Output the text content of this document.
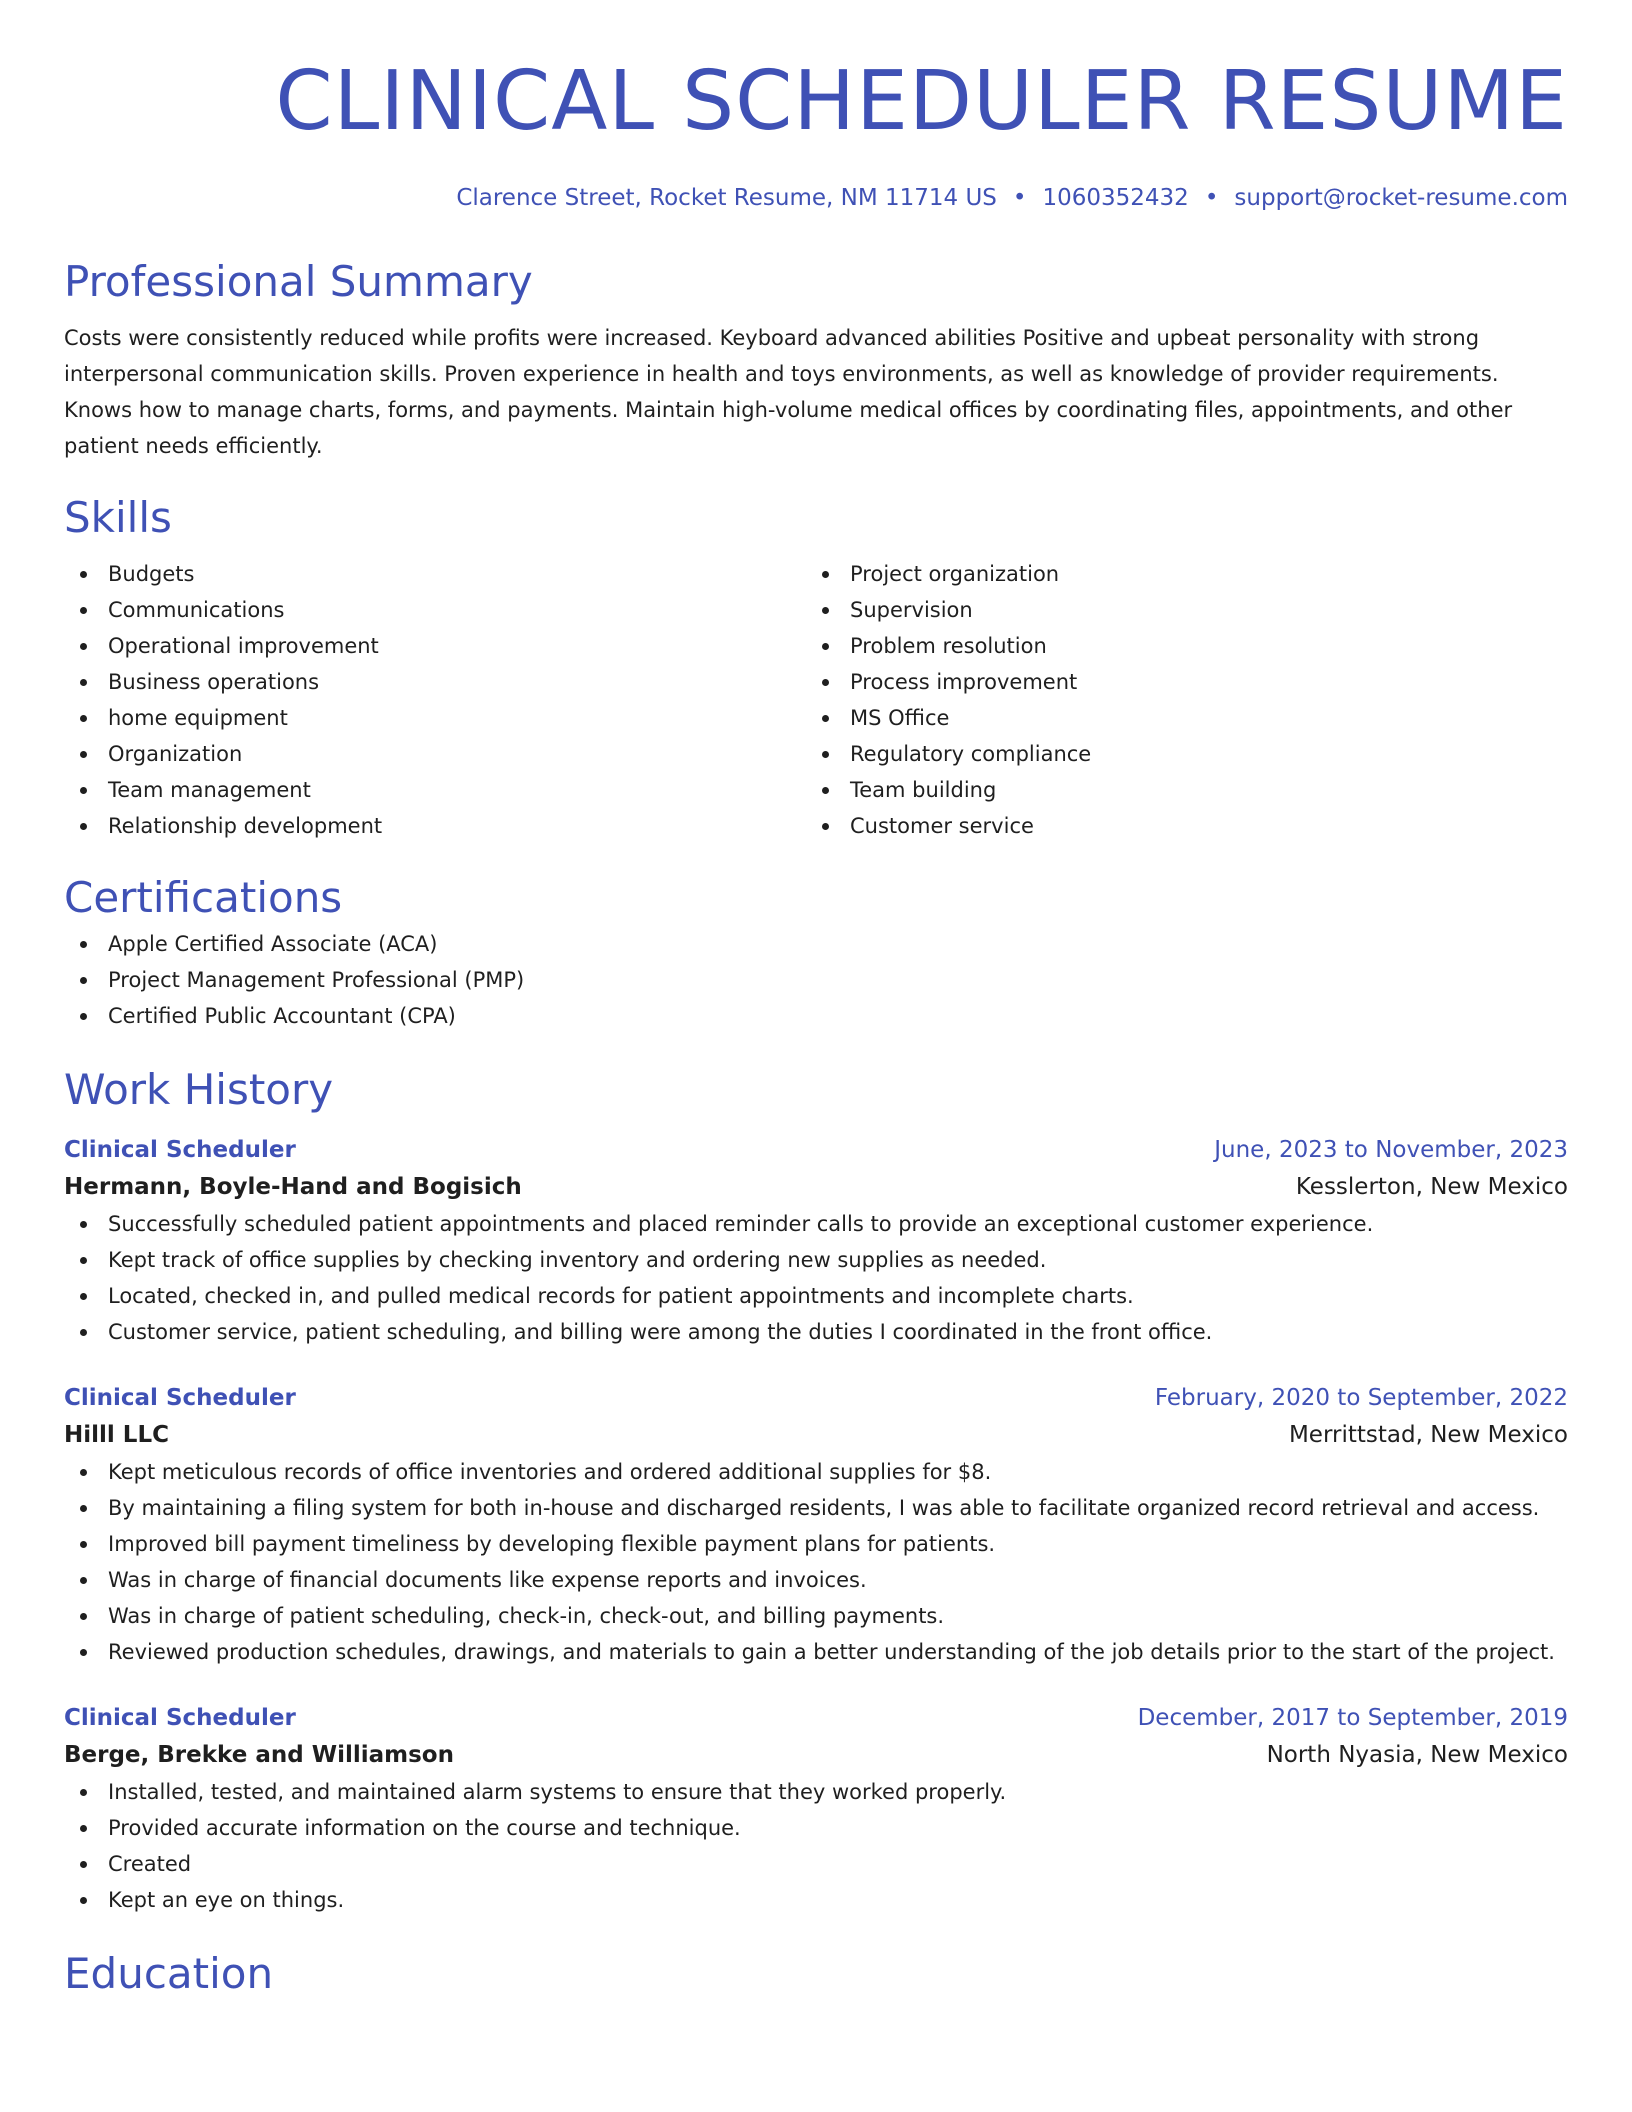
CLINICAL SCHEDULER RESUME
Clarence Street, Rocket Resume, NM 11714 US • 1060352432 • support@rocket-resume.com
Professional Summary

Costs were consistently reduced while profits were increased. Keyboard advanced abilities Positive and upbeat personality with strong interpersonal communication skills. Proven experience in health and toys environments, as well as knowledge of provider requirements. Knows how to manage charts, forms, and payments. Maintain high-volume medical offices by coordinating files, appointments, and other patient needs efficiently.

Skills
Budgets
Communications
Operational improvement
Business operations
home equipment
Organization
Team management
Relationship development
Project organization
Supervision
Problem resolution
Process improvement
MS Office
Regulatory compliance
Team building
Customer service
Certifications
Apple Certified Associate (ACA)
Project Management Professional (PMP)
Certified Public Accountant (CPA)
Work History
Clinical Scheduler	June, 2023 to November, 2023
Hermann, Boyle-Hand and Bogisich	Kesslerton, New Mexico
Successfully scheduled patient appointments and placed reminder calls to provide an exceptional customer experience.
Kept track of office supplies by checking inventory and ordering new supplies as needed.
Located, checked in, and pulled medical records for patient appointments and incomplete charts.
Customer service, patient scheduling, and billing were among the duties I coordinated in the front office.
Clinical Scheduler	February, 2020 to September, 2022
Hilll LLC	Merrittstad, New Mexico
Kept meticulous records of office inventories and ordered additional supplies for $8.
By maintaining a filing system for both in-house and discharged residents, I was able to facilitate organized record retrieval and access.
Improved bill payment timeliness by developing flexible payment plans for patients.
Was in charge of financial documents like expense reports and invoices.
Was in charge of patient scheduling, check-in, check-out, and billing payments.
Reviewed production schedules, drawings, and materials to gain a better understanding of the job details prior to the start of the project.
Clinical Scheduler	December, 2017 to September, 2019
Berge, Brekke and Williamson	North Nyasia, New Mexico
Installed, tested, and maintained alarm systems to ensure that they worked properly.
Provided accurate information on the course and technique.
Created
Kept an eye on things.
Education
